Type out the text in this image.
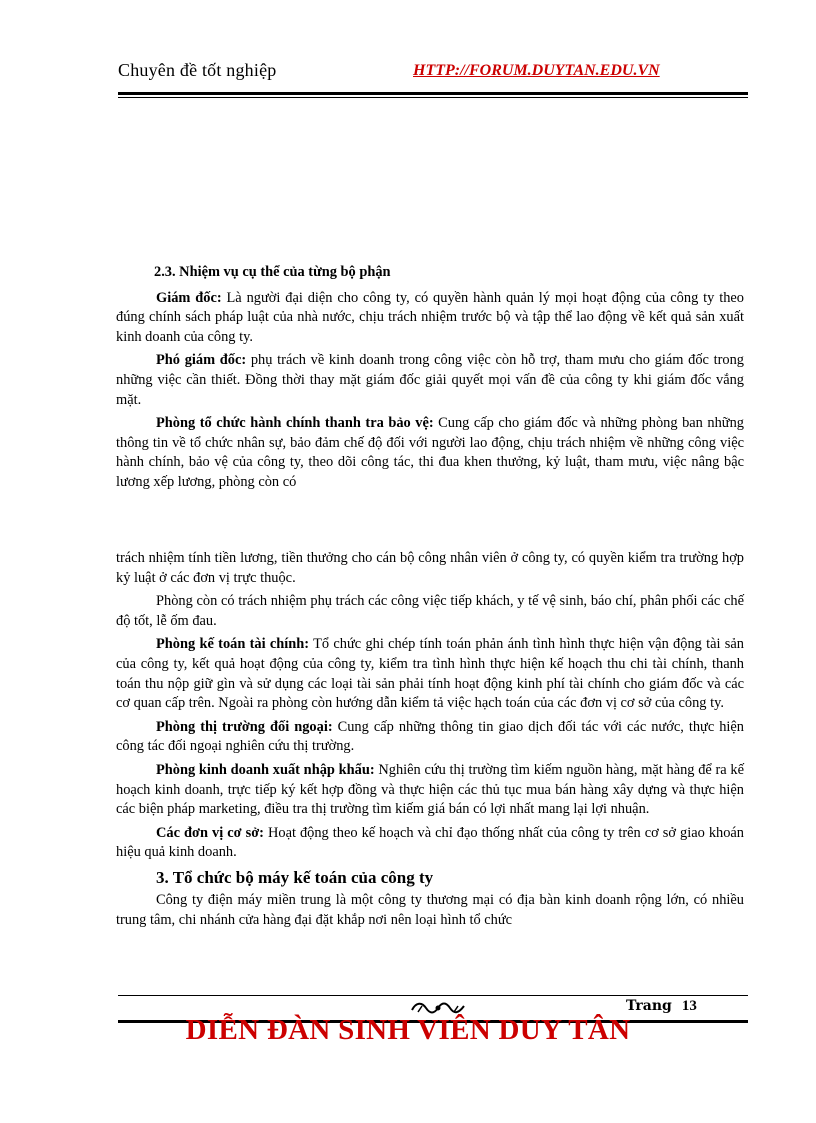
Chuyên đề tốt nghiệp	HTTP://FORUM.DUYTAN.EDU.VN

2.3. Nhiệm vụ cụ thể của từng bộ phận

Giám đốc: Là người đại diện cho công ty, có quyền hành quản lý mọi hoạt động của công ty theo đúng chính sách pháp luật của nhà nước, chịu trách nhiệm trước bộ và tập thể lao động về kết quả sản xuất kinh doanh của công ty.

Phó giám đốc: phụ trách về kinh doanh trong công việc còn hỗ trợ, tham mưu cho giám đốc trong những việc cần thiết. Đồng thời thay mặt giám đốc giải quyết mọi vấn đề của công ty khi giám đốc vắng mặt.

Phòng tổ chức hành chính thanh tra bảo vệ: Cung cấp cho giám đốc và những phòng ban những thông tin về tổ chức nhân sự, bảo đảm chế độ đối với người lao động, chịu trách nhiệm về những công việc hành chính, bảo vệ của công ty, theo dõi công tác, thi đua khen thưởng, kỷ luật, tham mưu, việc nâng bậc lương xếp lương, phòng còn có

trách nhiệm tính tiền lương, tiền thưởng cho cán bộ công nhân viên ở công ty, có quyền kiểm tra trường hợp kỷ luật ở các đơn vị trực thuộc.

Phòng còn có trách nhiệm phụ trách các công việc tiếp khách, y tế vệ sinh, báo chí, phân phối các chế độ tốt, lễ ốm đau.

Phòng kế toán tài chính: Tổ chức ghi chép tính toán phản ánh tình hình thực hiện vận động tài sản của công ty, kết quả hoạt động của công ty, kiểm tra tình hình thực hiện kế hoạch thu chi tài chính, thanh toán thu nộp giữ gìn và sử dụng các loại tài sản phải tính hoạt động kinh phí tài chính cho giám đốc và các cơ quan cấp trên. Ngoài ra phòng còn hướng dẫn kiểm tả việc hạch toán của các đơn vị cơ sở của công ty.

Phòng thị trường đối ngoại: Cung cấp những thông tin giao dịch đối tác với các nước, thực hiện công tác đối ngoại nghiên cứu thị trường.

Phòng kinh doanh xuất nhập khẩu: Nghiên cứu thị trường tìm kiếm nguồn hàng, mặt hàng để ra kế hoạch kinh doanh, trực tiếp ký kết hợp đồng và thực hiện các thủ tục mua bán hàng xây dựng và thực hiện các biện pháp marketing, điều tra thị trường tìm kiếm giá bán có lợi nhất mang lại lợi nhuận.

Các đơn vị cơ sở: Hoạt động theo kế hoạch và chỉ đạo thống nhất của công ty trên cơ sở giao khoán hiệu quả kinh doanh.

3. Tổ chức bộ máy kế toán của công ty

Công ty điện máy miền trung là một công ty thương mại có địa bàn kinh doanh rộng lớn, có nhiều trung tâm, chi nhánh cửa hàng đại đặt khắp nơi nên loại hình tổ chức

Trang 13
DIỄN ĐÀN SINH VIÊN DUY TÂN
